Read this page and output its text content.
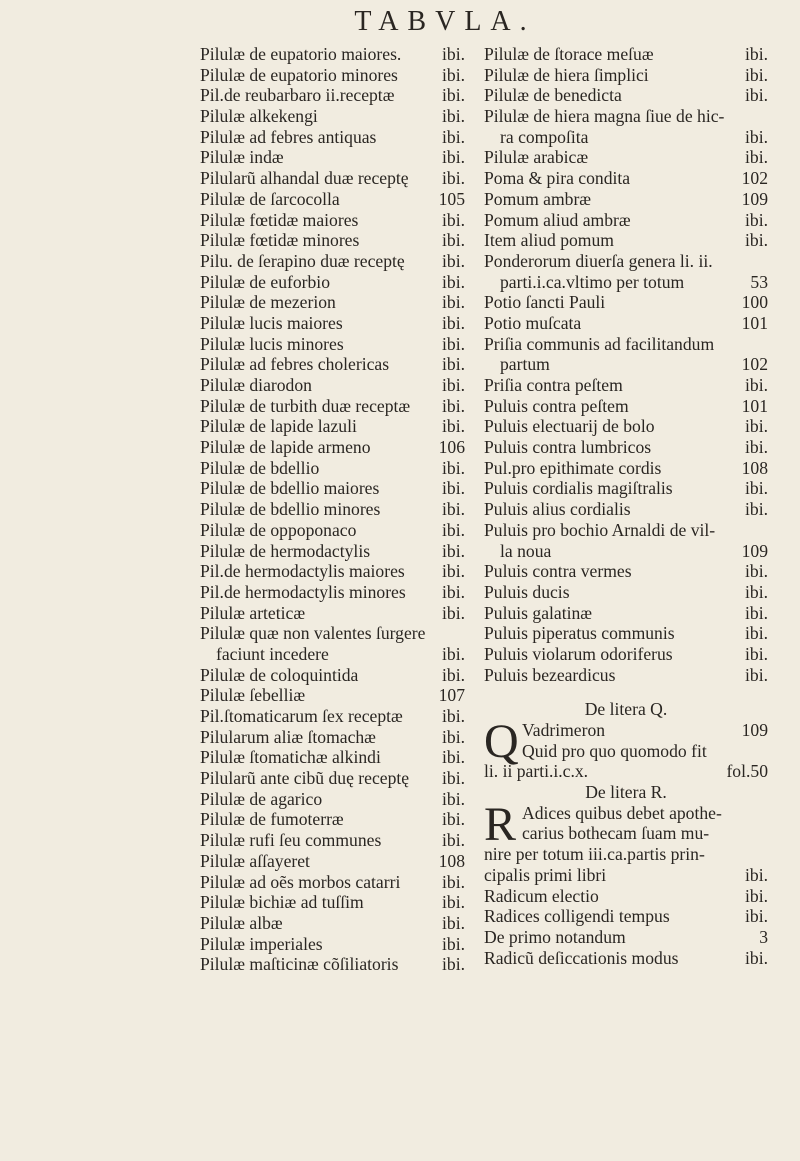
TABVLA.
Pilulæ de eupatorio maiores. ibi.
Pilulæ de eupatorio minores	ibi.
Pil.de reubarbaro ii.receptæ	ibi.
Pilulæ alkekengi	ibi.
Pilulæ ad febres antiquas	ibi.
Pilulæ indæ	ibi.
Pilularũ alhandal duæ receptę ibi.
Pilulæ de ſarcocolla	105
Pilulæ fœtidæ maiores	ibi.
Pilulæ fœtidæ minores	ibi.
Pilu. de ſerapino duæ receptę ibi.
Pilulæ de euforbio	ibi.
Pilulæ de mezerion	ibi.
Pilulæ lucis maiores	ibi.
Pilulæ lucis minores	ibi.
Pilulæ ad febres cholericas	ibi.
Pilulæ diarodon	ibi.
Pilulæ de turbith duæ receptæ ibi.
Pilulæ de lapide lazuli	ibi.
Pilulæ de lapide armeno	106
Pilulæ de bdellio	ibi.
Pilulæ de bdellio maiores	ibi.
Pilulæ de bdellio minores	ibi.
Pilulæ de oppoponaco	ibi.
Pilulæ de hermodactylis	ibi.
Pil.de hermodactylis maiores ibi.
Pil.de hermodactylis minores ibi.
Pilulæ arteticæ	ibi.
Pilulæ quæ non valentes ſurgere
faciunt incedere	ibi.
Pilulæ de coloquintida	ibi.
Pilulæ ſebelliæ	107
Pil.ſtomaticarum ſex receptæ ibi.
Pilularum aliæ ſtomachæ	ibi.
Pilulæ ſtomatichæ alkindi	ibi.
Pilularũ ante cibũ duę receptę ibi.
Pilulæ de agarico	ibi.
Pilulæ de fumoterræ	ibi.
Pilulæ rufi ſeu communes	ibi.
Pilulæ aſſayeret	108
Pilulæ ad oẽs morbos catarri ibi.
Pilulæ bichiæ ad tuſſim	ibi.
Pilulæ albæ	ibi.
Pilulæ imperiales	ibi.
Pilulæ maſticinæ cõſiliatoris ibi.
Pilulæ de ſtorace meſuæ	ibi.
Pilulæ de hiera ſimplici	ibi.
Pilulæ de benedicta	ibi.
Pilulæ de hiera magna ſiue de hic-
ra compoſita	ibi.
Pilulæ arabicæ	ibi.
Poma & pira condita	102
Pomum ambræ	109
Pomum aliud ambræ	ibi.
Item aliud pomum	ibi.
Ponderorum diuerſa genera li. ii.
parti.i.ca.vltimo per totum	53
Potio ſancti Pauli	100
Potio muſcata	101
Priſia communis ad facilitandum
partum	102
Priſia contra peſtem	ibi.
Puluis contra peſtem	101
Puluis electuarij de bolo	ibi.
Puluis contra lumbricos	ibi.
Pul.pro epithimate cordis	108
Puluis cordialis magiſtralis	ibi.
Puluis alius cordialis	ibi.
Puluis pro bochio Arnaldi de vil-
la noua	109
Puluis contra vermes	ibi.
Puluis ducis	ibi.
Puluis galatinæ	ibi.
Puluis piperatus communis	ibi.
Puluis violarum odoriferus	ibi.
Puluis bezeardicus	ibi.
De litera Q.
Q Vadrimeron	109
Quid pro quo quomodo fit
li. ii parti.i.c.x.	fol.50
De litera R.
R Adices quibus debet apothe-
carius bothecam ſuam mu-
nire per totum iii.ca.partis prin-
cipalis primi libri	ibi.
Radicum electio	ibi.
Radices colligendi tempus	ibi.
De primo notandum	3
Radicũ deſiccationis modus	ibi.
